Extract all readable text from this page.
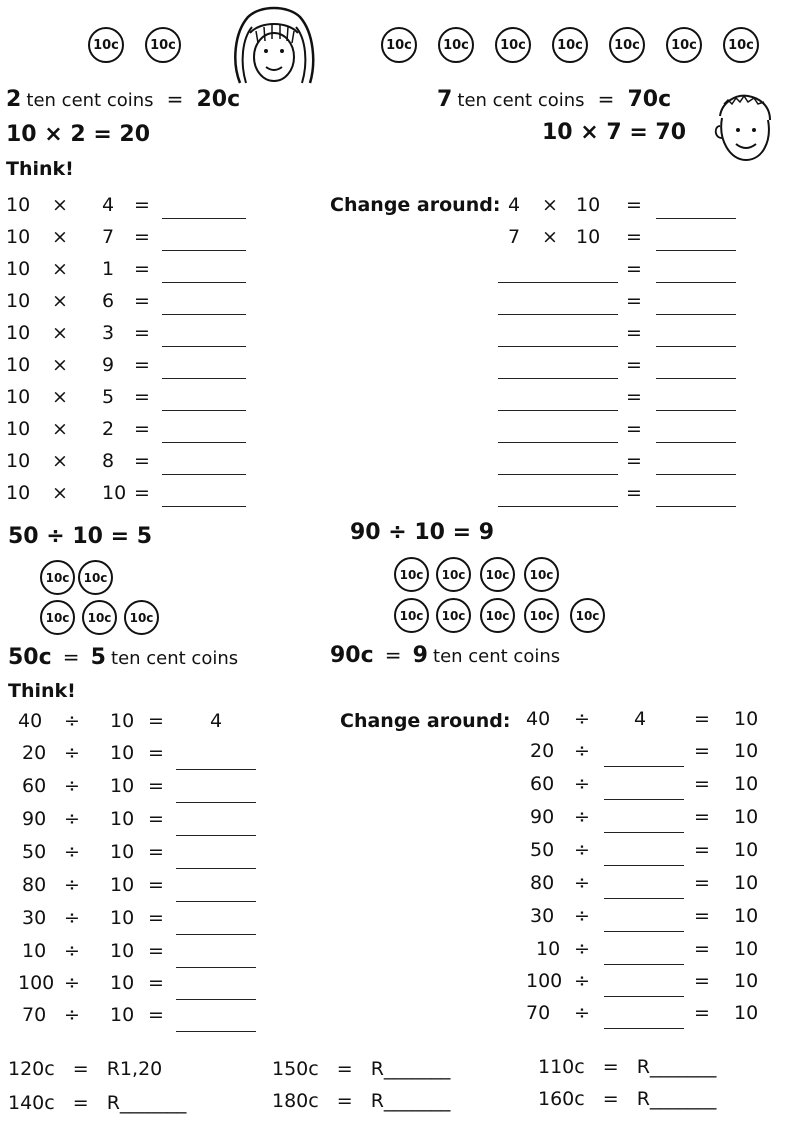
10c	10c	10c	10c	10c	10c	10c	10c	10c
2 ten cent coins = 20c
10 × 2 = 20
7 ten cent coins = 70c
10 × 7 = 70
Think!
10 × 4 =
10 × 7 =
10 × 1 =
10 × 6 =
10 × 3 =
10 × 9 =
10 × 5 =
10 × 2 =
10 × 8 =
10 × 10 =
Change around: 4 × 10 =
7 × 10 =
=
=
=
=
=
=
=
=
50 ÷ 10 = 5	90 ÷ 10 = 9
10c	10c
10c	10c	10c
10c	10c	10c	10c
10c	10c	10c	10c	10c
50c = 5 ten cent coins	90c = 9 ten cent coins
Think!
40 ÷ 10 = 4
20 ÷ 10 =
60 ÷ 10 =
90 ÷ 10 =
50 ÷ 10 =
80 ÷ 10 =
30 ÷ 10 =
10 ÷ 10 =
100 ÷ 10 =
70 ÷ 10 =
Change around: 40 ÷ 4	= 10
20 ÷	= 10
60 ÷	= 10
90 ÷	= 10
50 ÷	= 10
80 ÷	= 10
30 ÷	= 10
10 ÷	= 10
100 ÷	= 10
70 ÷	= 10
120c = R1,20	150c = R_______	110c = R_______
140c = R_______	180c = R_______	160c = R_______
